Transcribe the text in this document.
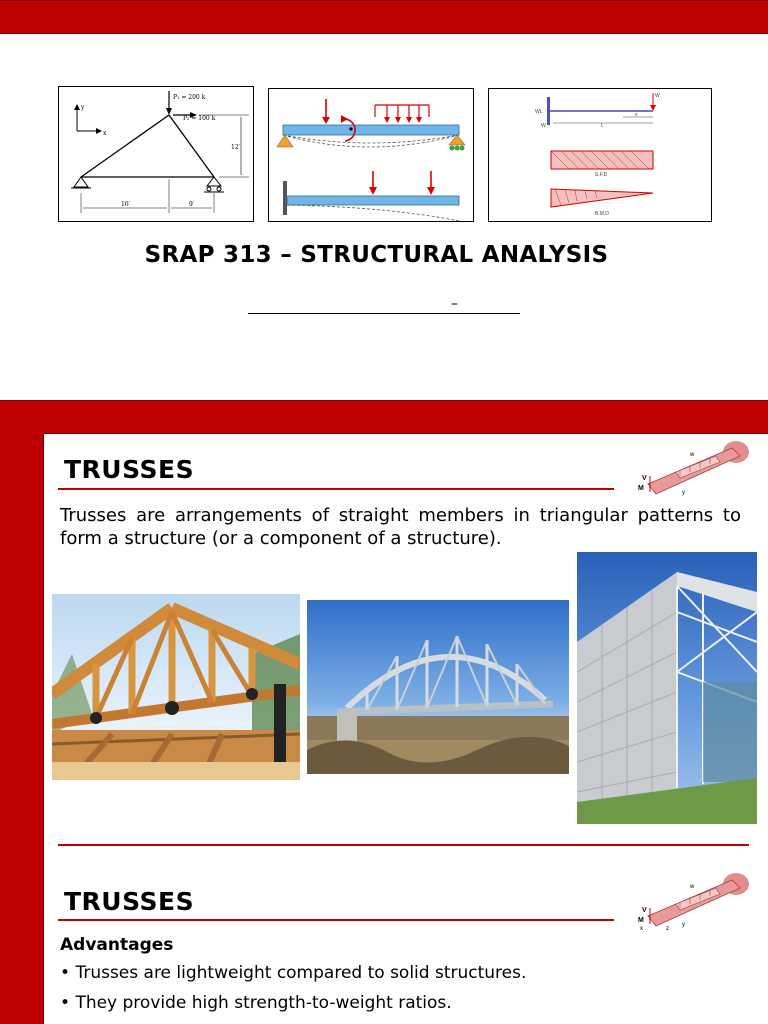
y
x
P₁ = 200 k
P₂ = 100 k
12′
16′	9′
W
WL
W	L
x
S.F.D
B.M.D
SRAP 313 – STRUCTURAL ANALYSIS
–
TRUSSES	V
M
w
y
Trusses are arrangements of straight members in triangular patterns to form a structure (or a component of a structure).
TRUSSES	V
M
w
y
z
x
Advantages
• Trusses are lightweight compared to solid structures.
• They provide high strength-to-weight ratios.
